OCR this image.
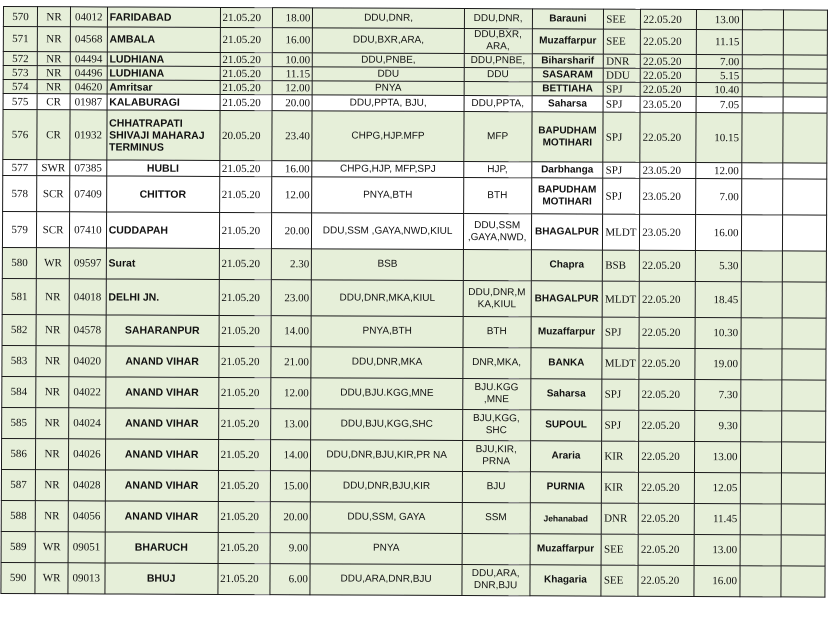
570	NR	04012	FARIDABAD	21.05.20	18.00	DDU,DNR,	DDU,DNR,	Barauni	SEE	22.05.20	13.00		
571	NR	04568	AMBALA	21.05.20	16.00	DDU,BXR,ARA,	DDU,BXR, ARA,	Muzaffarpur	SEE	22.05.20	11.15		
572	NR	04494	LUDHIANA	21.05.20	10.00	DDU,PNBE,	DDU,PNBE,	Biharsharif	DNR	22.05.20	7.00		
573	NR	04496	LUDHIANA	21.05.20	11.15	DDU	DDU	SASARAM	DDU	22.05.20	5.15		
574	NR	04620	Amritsar	21.05.20	12.00	PNYA		BETTIAHA	SPJ	22.05.20	10.40		
575	CR	01987	KALABURAGI	21.05.20	20.00	DDU,PPTA, BJU,	DDU,PPTA,	Saharsa	SPJ	23.05.20	7.05		
576	CR	01932	CHHATRAPATI SHIVAJI MAHARAJ TERMINUS	20.05.20	23.40	CHPG,HJP.MFP	MFP	BAPUDHAM MOTIHARI	SPJ	22.05.20	10.15		
577	SWR	07385	HUBLI	21.05.20	16.00	CHPG,HJP, MFP,SPJ	HJP,	Darbhanga	SPJ	23.05.20	12.00		
578	SCR	07409	CHITTOR	21.05.20	12.00	PNYA,BTH	BTH	BAPUDHAM MOTIHARI	SPJ	23.05.20	7.00		
579	SCR	07410	CUDDAPAH	21.05.20	20.00	DDU,SSM ,GAYA,NWD,KIUL	DDU,SSM ,GAYA,NWD,	BHAGALPUR	MLDT	23.05.20	16.00		
580	WR	09597	Surat	21.05.20	2.30	BSB		Chapra	BSB	22.05.20	5.30		
581	NR	04018	DELHI JN.	21.05.20	23.00	DDU,DNR,MKA,KIUL	DDU,DNR,M KA,KIUL	BHAGALPUR	MLDT	22.05.20	18.45		
582	NR	04578	SAHARANPUR	21.05.20	14.00	PNYA,BTH	BTH	Muzaffarpur	SPJ	22.05.20	10.30		
583	NR	04020	ANAND VIHAR	21.05.20	21.00	DDU,DNR,MKA	DNR,MKA,	BANKA	MLDT	22.05.20	19.00		
584	NR	04022	ANAND VIHAR	21.05.20	12.00	DDU,BJU.KGG,MNE	BJU.KGG ,MNE	Saharsa	SPJ	22.05.20	7.30		
585	NR	04024	ANAND VIHAR	21.05.20	13.00	DDU,BJU,KGG,SHC	BJU,KGG, SHC	SUPOUL	SPJ	22.05.20	9.30		
586	NR	04026	ANAND VIHAR	21.05.20	14.00	DDU,DNR,BJU,KIR,PR NA	BJU,KIR, PRNA	Araria	KIR	22.05.20	13.00		
587	NR	04028	ANAND VIHAR	21.05.20	15.00	DDU,DNR,BJU,KIR	BJU	PURNIA	KIR	22.05.20	12.05		
588	NR	04056	ANAND VIHAR	21.05.20	20.00	DDU,SSM, GAYA	SSM	Jehanabad	DNR	22.05.20	11.45		
589	WR	09051	BHARUCH	21.05.20	9.00	PNYA		Muzaffarpur	SEE	22.05.20	13.00		
590	WR	09013	BHUJ	21.05.20	6.00	DDU,ARA,DNR,BJU	DDU,ARA, DNR,BJU	Khagaria	SEE	22.05.20	16.00		
